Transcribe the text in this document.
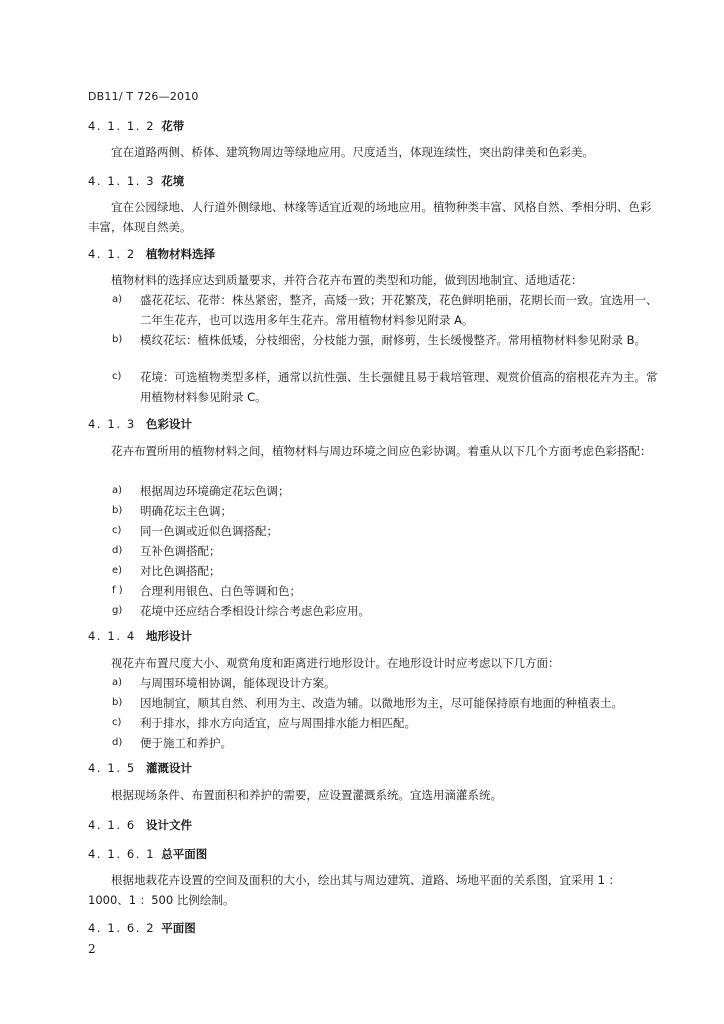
DB11/ T 726—2010
4. 1. 1. 2 花带
宜在道路两侧、桥体、建筑物周边等绿地应用。尺度适当，体现连续性，突出韵律美和色彩美。
4. 1. 1. 3 花境
宜在公园绿地、人行道外侧绿地、林缘等适宜近观的场地应用。植物种类丰富、风格自然、季相分明、色彩丰富，体现自然美。
4. 1. 2 植物材料选择
植物材料的选择应达到质量要求，并符合花卉布置的类型和功能，做到因地制宜、适地适花：
a) 盛花花坛、花带：株丛紧密，整齐，高矮一致；开花繁茂，花色鲜明艳丽，花期长而一致。宜选用一、二年生花卉，也可以选用多年生花卉。常用植物材料参见附录 A。
b) 模纹花坛：植株低矮，分枝细密，分枝能力强，耐修剪，生长缓慢整齐。常用植物材料参见附录 B。
c) 花境：可选植物类型多样，通常以抗性强、生长强健且易于栽培管理、观赏价值高的宿根花卉为主。常用植物材料参见附录 C。
4. 1. 3 色彩设计
花卉布置所用的植物材料之间，植物材料与周边环境之间应色彩协调。着重从以下几个方面考虑色彩搭配：
a) 根据周边环境确定花坛色调；
b) 明确花坛主色调；
c) 同一色调或近似色调搭配；
d) 互补色调搭配；
e) 对比色调搭配；
f ) 合理利用银色、白色等调和色；
g) 花境中还应结合季相设计综合考虑色彩应用。
4. 1. 4 地形设计
视花卉布置尺度大小、观赏角度和距离进行地形设计。在地形设计时应考虑以下几方面：
a) 与周围环境相协调，能体现设计方案。
b) 因地制宜，顺其自然、利用为主、改造为辅。以微地形为主，尽可能保持原有地面的种植表土。
c) 利于排水，排水方向适宜，应与周围排水能力相匹配。
d) 便于施工和养护。
4. 1. 5 灌溉设计
根据现场条件、布置面积和养护的需要，应设置灌溉系统。宜选用滴灌系统。
4. 1. 6 设计文件
4. 1. 6. 1 总平面图
根据地栽花卉设置的空间及面积的大小，绘出其与周边建筑、道路、场地平面的关系图，宜采用 1 ：1000、1 ：500 比例绘制。
4. 1. 6. 2 平面图
2
